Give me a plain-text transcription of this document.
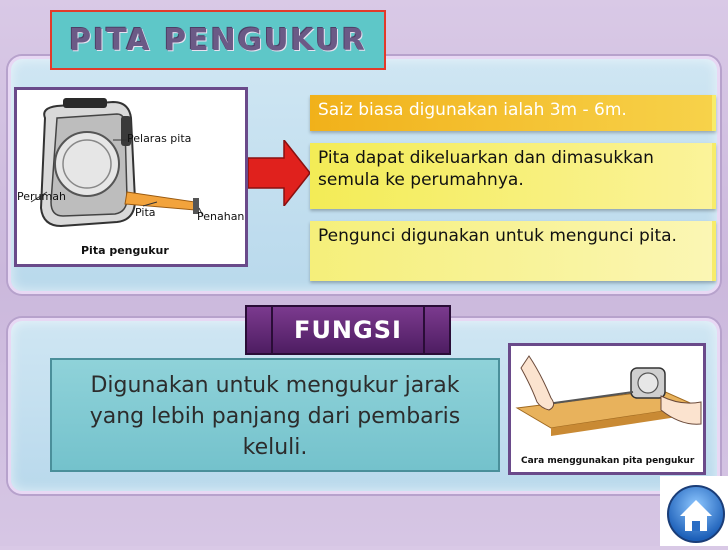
PITA PENGUKUR
Pelaras pita
Perumah
Pita	Penahan
Pita pengukur
Saiz biasa digunakan ialah 3m - 6m.
Pita dapat dikeluarkan dan dimasukkan semula ke perumahnya.
Pengunci digunakan untuk mengunci pita.
FUNGSI
Digunakan untuk mengukur jarak yang lebih panjang dari pembaris keluli.
Cara menggunakan pita pengukur
